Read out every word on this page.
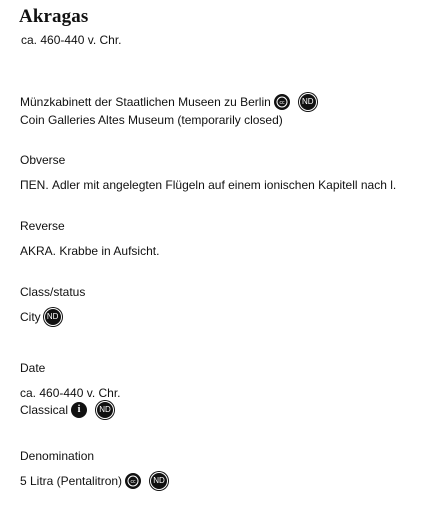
Akragas
ca. 460-440 v. Chr.
Münzkabinett der Staatlichen Museen zu Berlin cc	ND
Coin Galleries Altes Museum (temporarily closed)
Obverse
ΠΕΝ. Adler mit angelegten Flügeln auf einem ionischen Kapitell nach l.
Reverse
AKRA. Krabbe in Aufsicht.
Class/status
City ND
Date
ca. 460-440 v. Chr.
Classical i	ND
Denomination
5 Litra (Pentalitron) cc	ND
